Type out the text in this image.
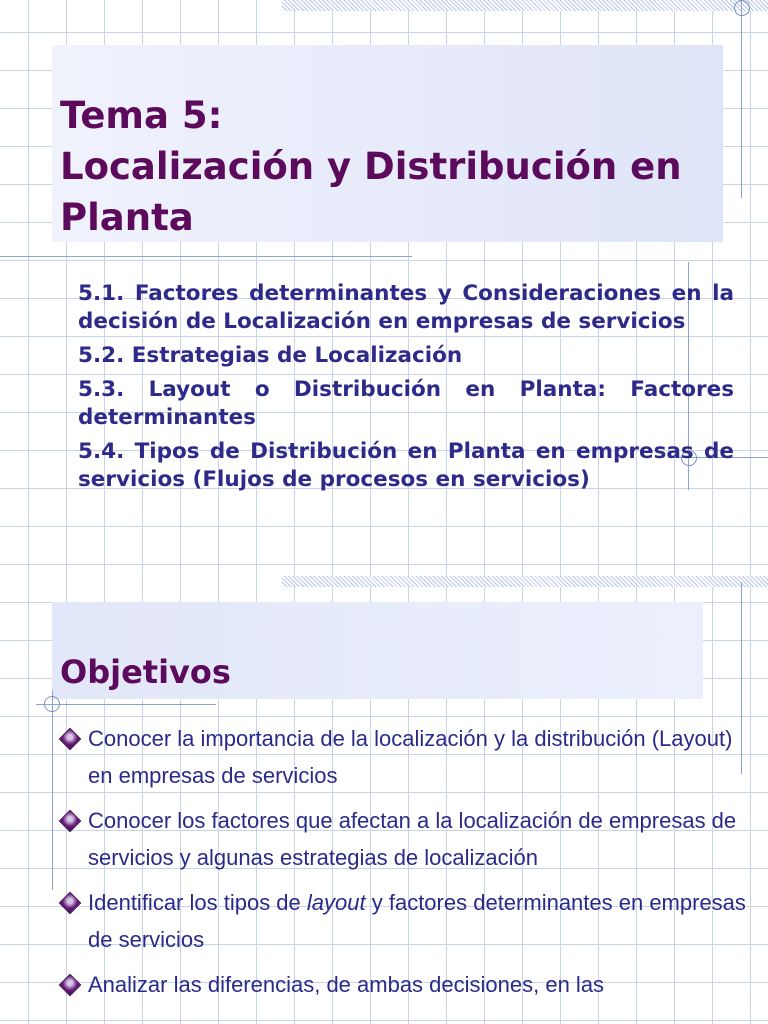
Tema 5:
Localización y Distribución en
Planta
5.1. Factores determinantes y Consideraciones en la decisión de Localización en empresas de servicios
5.2. Estrategias de Localización
5.3. Layout o Distribución en Planta: Factores determinantes
5.4. Tipos de Distribución en Planta en empresas de servicios (Flujos de procesos en servicios)
Objetivos
Conocer la importancia de la localización y la distribución (Layout) en empresas de servicios
Conocer los factores que afectan a la localización de empresas de servicios y algunas estrategias de localización
Identificar los tipos de layout y factores determinantes en empresas de servicios
Analizar las diferencias, de ambas decisiones, en las
